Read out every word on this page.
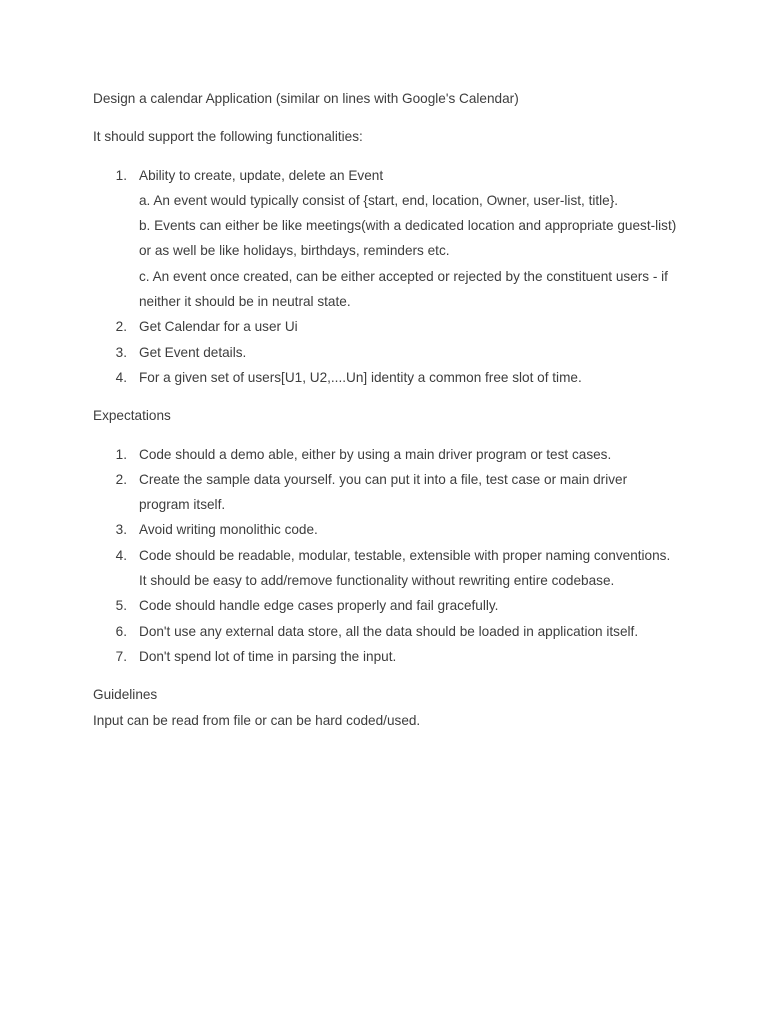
Design a calendar Application (similar on lines with Google's Calendar)

It should support the following functionalities:

1. Ability to create, update, delete an Event
a. An event would typically consist of {start, end, location, Owner, user-list, title}.
b. Events can either be like meetings(with a dedicated location and appropriate guest-list)
or as well be like holidays, birthdays, reminders etc.
c. An event once created, can be either accepted or rejected by the constituent users - if
neither it should be in neutral state.
2. Get Calendar for a user Ui
3. Get Event details.
4. For a given set of users[U1, U2,....Un] identity a common free slot of time.

Expectations

1. Code should a demo able, either by using a main driver program or test cases.
2. Create the sample data yourself. you can put it into a file, test case or main driver
program itself.
3. Avoid writing monolithic code.
4. Code should be readable, modular, testable, extensible with proper naming conventions.
It should be easy to add/remove functionality without rewriting entire codebase.
5. Code should handle edge cases properly and fail gracefully.
6. Don't use any external data store, all the data should be loaded in application itself.
7. Don't spend lot of time in parsing the input.

Guidelines

Input can be read from file or can be hard coded/used.
